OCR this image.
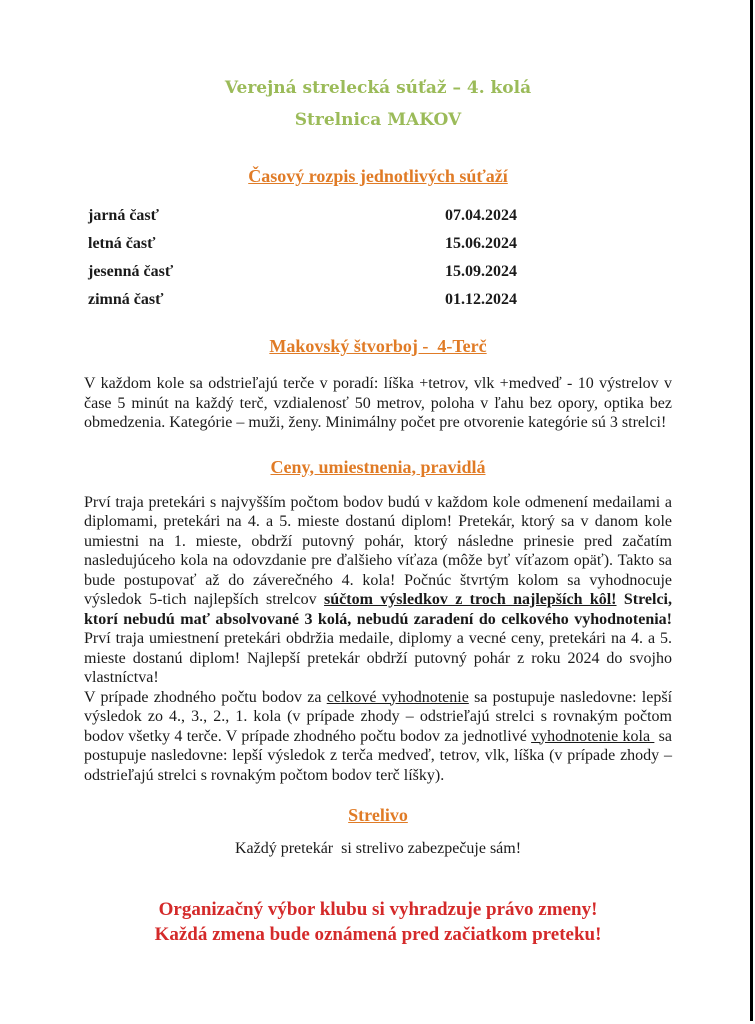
Verejná strelecká súťaž – 4. kolá
Strelnica MAKOV
Časový rozpis jednotlivých súťaží
jarná časť	07.04.2024
letná časť	15.06.2024
jesenná časť	15.09.2024
zimná časť	01.12.2024
Makovský štvorboj -  4-Terč

V každom kole sa odstrieľajú terče v poradí: líška +tetrov, vlk +medveď - 10 výstrelov v čase 5 minút na každý terč, vzdialenosť 50 metrov, poloha v ľahu bez opory, optika bez obmedzenia. Kategórie – muži, ženy. Minimálny počet pre otvorenie kategórie sú 3 strelci!

Ceny, umiestnenia, pravidlá

Prví traja pretekári s najvyšším počtom bodov budú v každom kole odmenení medailami a diplomami, pretekári na 4. a 5. mieste dostanú diplom! Pretekár, ktorý sa v danom kole umiestni na 1. mieste, obdrží putovný pohár, ktorý následne prinesie pred začatím nasledujúceho kola na odovzdanie pre ďalšieho víťaza (môže byť víťazom opäť). Takto sa bude postupovať až do záverečného 4. kola! Počnúc štvrtým kolom sa vyhodnocuje výsledok 5-tich najlepších strelcov súčtom výsledkov z troch najlepších kôl! Strelci, ktorí nebudú mať absolvované 3 kolá, nebudú zaradení do celkového vyhodnotenia! Prví traja umiestnení pretekári obdržia medaile, diplomy a vecné ceny, pretekári na 4. a 5. mieste dostanú diplom! Najlepší pretekár obdrží putovný pohár z roku 2024 do svojho vlastníctva!

V prípade zhodného počtu bodov za celkové vyhodnotenie sa postupuje nasledovne: lepší výsledok zo 4., 3., 2., 1. kola (v prípade zhody – odstrieľajú strelci s rovnakým počtom bodov všetky 4 terče. V prípade zhodného počtu bodov za jednotlivé vyhodnotenie kola  sa postupuje nasledovne: lepší výsledok z terča medveď, tetrov, vlk, líška (v prípade zhody – odstrieľajú strelci s rovnakým počtom bodov terč líšky).

Strelivo
Každý pretekár  si strelivo zabezpečuje sám!
Organizačný výbor klubu si vyhradzuje právo zmeny!
Každá zmena bude oznámená pred začiatkom preteku!
